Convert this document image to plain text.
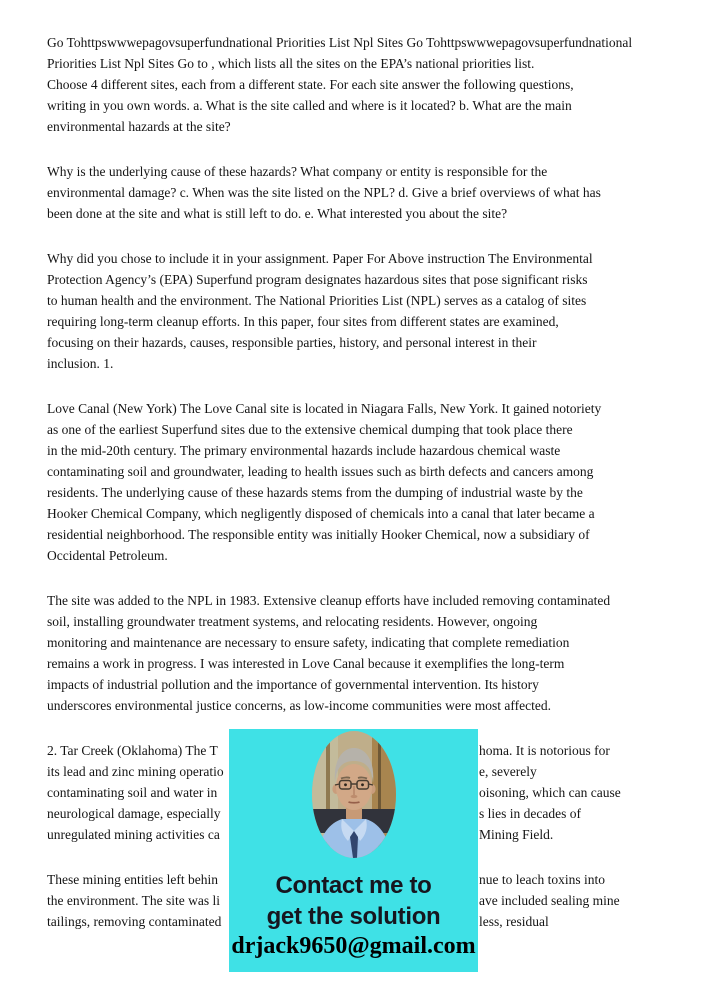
Go Tohttpswwwepagovsuperfundnational Priorities List Npl Sites Go Tohttpswwwepagovsuperfundnational
Priorities List Npl Sites Go to , which lists all the sites on the EPA’s national priorities list.
Choose 4 different sites, each from a different state. For each site answer the following questions,
writing in you own words. a. What is the site called and where is it located? b. What are the main
environmental hazards at the site?
Why is the underlying cause of these hazards? What company or entity is responsible for the
environmental damage? c. When was the site listed on the NPL? d. Give a brief overviews of what has
been done at the site and what is still left to do. e. What interested you about the site?
Why did you chose to include it in your assignment. Paper For Above instruction The Environmental
Protection Agency’s (EPA) Superfund program designates hazardous sites that pose significant risks
to human health and the environment. The National Priorities List (NPL) serves as a catalog of sites
requiring long-term cleanup efforts. In this paper, four sites from different states are examined,
focusing on their hazards, causes, responsible parties, history, and personal interest in their
inclusion. 1.
Love Canal (New York) The Love Canal site is located in Niagara Falls, New York. It gained notoriety
as one of the earliest Superfund sites due to the extensive chemical dumping that took place there
in the mid-20th century. The primary environmental hazards include hazardous chemical waste
contaminating soil and groundwater, leading to health issues such as birth defects and cancers among
residents. The underlying cause of these hazards stems from the dumping of industrial waste by the
Hooker Chemical Company, which negligently disposed of chemicals into a canal that later became a
residential neighborhood. The responsible entity was initially Hooker Chemical, now a subsidiary of
Occidental Petroleum.
The site was added to the NPL in 1983. Extensive cleanup efforts have included removing contaminated
soil, installing groundwater treatment systems, and relocating residents. However, ongoing
monitoring and maintenance are necessary to ensure safety, indicating that complete remediation
remains a work in progress. I was interested in Love Canal because it exemplifies the long-term
impacts of industrial pollution and the importance of governmental intervention. Its history
underscores environmental justice concerns, as low-income communities were most affected.
2. Tar Creek (Oklahoma) The T	homa. It is notorious for
its lead and zinc mining operatio	e, severely
contaminating soil and water in	oisoning, which can cause
neurological damage, especially	s lies in decades of
unregulated mining activities ca	Mining Field.
These mining entities left behin	nue to leach toxins into
the environment. The site was li	ave included sealing mine
tailings, removing contaminated	less, residual
Contact me to
get the solution
drjack9650@gmail.com
